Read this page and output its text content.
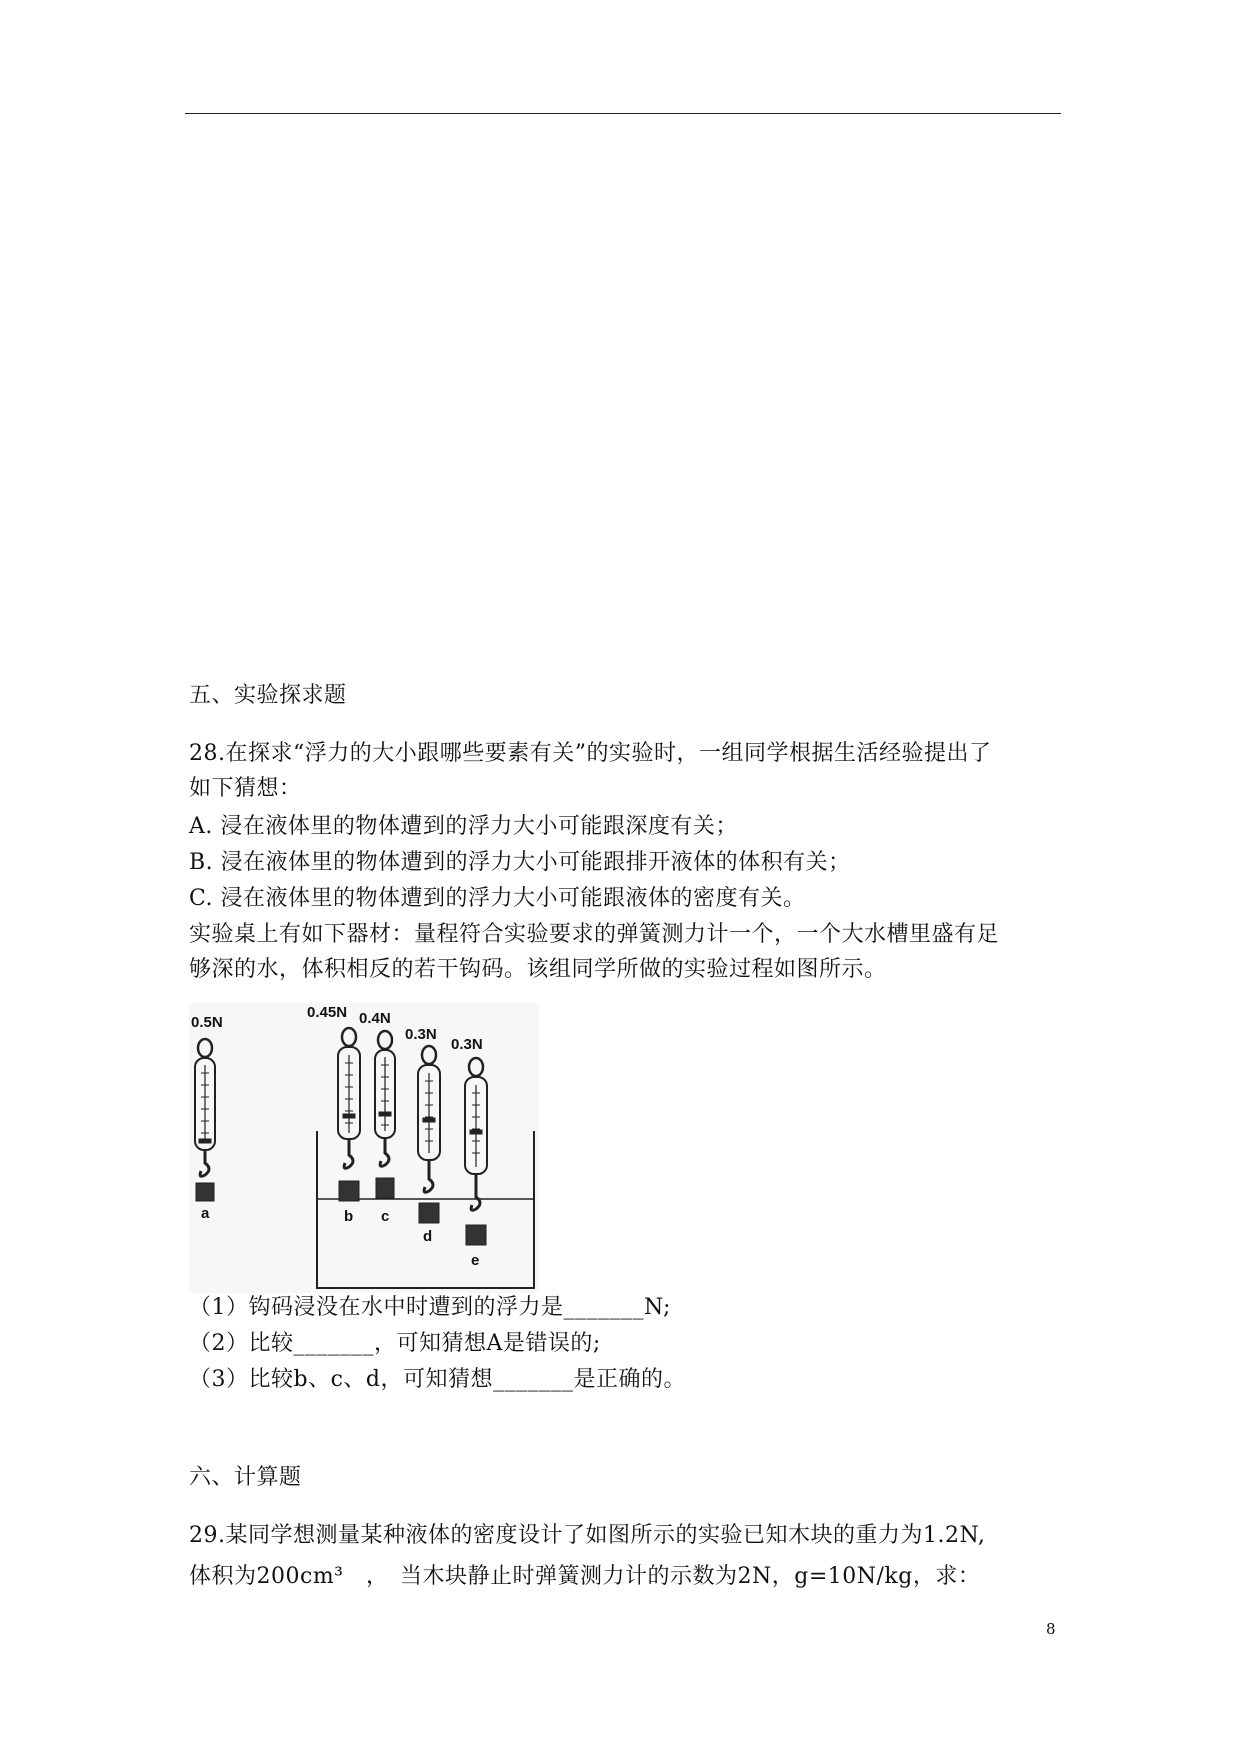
五、实验探求题
28.在探求“浮力的大小跟哪些要素有关”的实验时，一组同学根据生活经验提出了
如下猜想：
A. 浸在液体里的物体遭到的浮力大小可能跟深度有关；
B. 浸在液体里的物体遭到的浮力大小可能跟排开液体的体积有关；
C. 浸在液体里的物体遭到的浮力大小可能跟液体的密度有关。
实验桌上有如下器材：量程符合实验要求的弹簧测力计一个，一个大水槽里盛有足
够深的水，体积相反的若干钩码。该组同学所做的实验过程如图所示。
0.5N
a
0.45N
b
0.4N
c
0.3N
d
0.3N
e
（1）钩码浸没在水中时遭到的浮力是_______N;
（2）比较_______，可知猜想A是错误的;
（3）比较b、c、d，可知猜想_______是正确的。
六、计算题
29.某同学想测量某种液体的密度设计了如图所示的实验已知木块的重力为1.2N,
体积为200cm³　，　当木块静止时弹簧测力计的示数为2N，g=10N/kg，求：
8
